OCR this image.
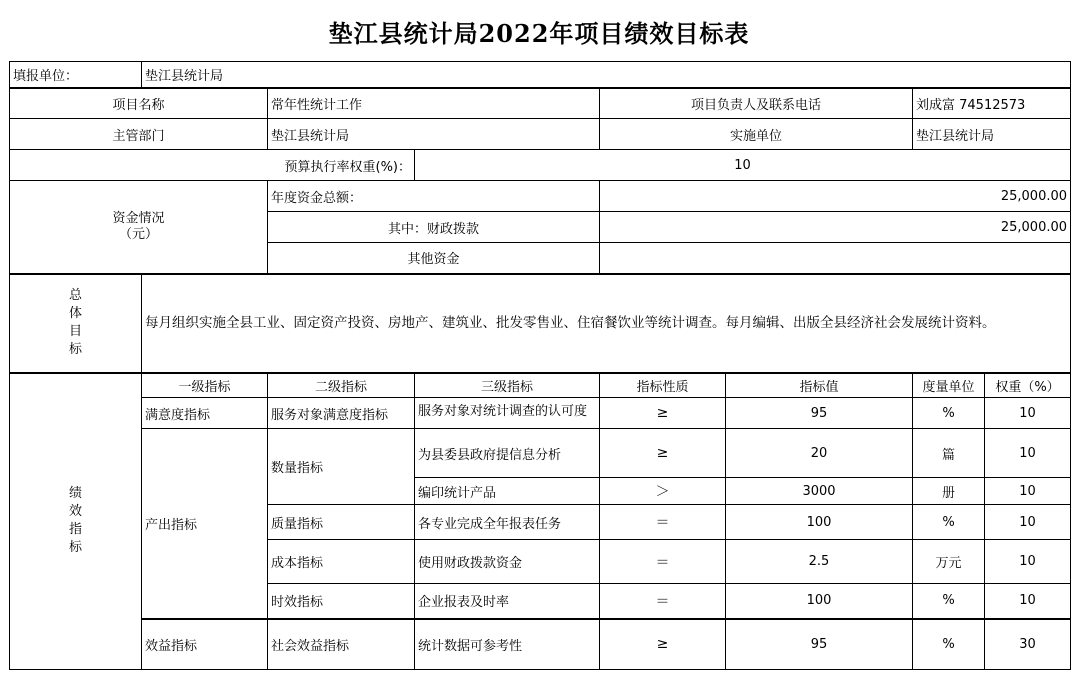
垫江县统计局2022年项目绩效目标表
填报单位：	垫江县统计局						
项目名称		常年性统计工作		项目负责人及联系电话		刘成富 74512573	
主管部门		垫江县统计局		实施单位		垫江县统计局	
预算执行率权重(%)：			10				
资金情况
（元）		年度资金总额：		25,000.00			
		其中：财政拨款		25,000.00			
		其他资金					

总
体
目
标	每月组织实施全县工业、固定资产投资、房地产、建筑业、批发零售业、住宿餐饮业等统计调查。每月编辑、出版全县经济社会发展统计资料。						

绩
效
指
标	一级指标	二级指标	三级指标	指标性质	指标值	度量单位	权重（%）
	满意度指标	服务对象满意度指标	服务对象对统计调查的认可度	≥	95	%	10
	产出指标	数量指标	为县委县政府提信息分析	≥	20	篇	10
			编印统计产品	＞	3000	册	10
		质量指标	各专业完成全年报表任务	＝	100	%	10
		成本指标	使用财政拨款资金	＝	2.5	万元	10
		时效指标	企业报表及时率	＝	100	%	10
	效益指标	社会效益指标	统计数据可参考性	≥	95	%	30
